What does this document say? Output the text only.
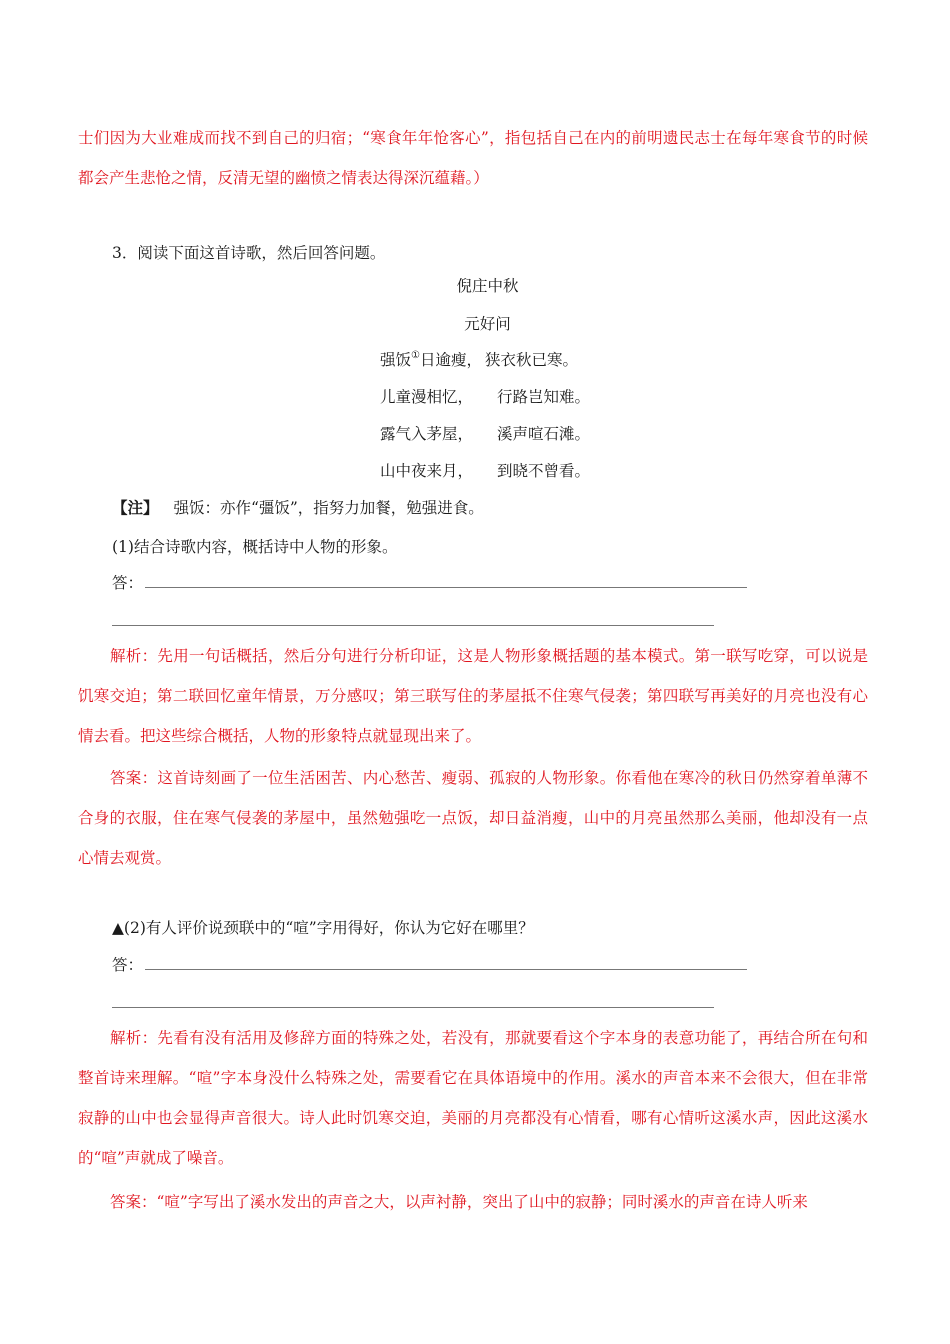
士们因为大业难成而找不到自己的归宿；“寒食年年怆客心”，指包括自己在内的前明遗民志士在每年寒食节的时候都会产生悲怆之情，反清无望的幽愤之情表达得深沉蕴藉。）
3．阅读下面这首诗歌，然后回答问题。
倪庄中秋
元好问
强饭①日逾瘦， 狭衣秋已寒。
儿童漫相忆， 行路岂知难。
露气入茅屋， 溪声喧石滩。
山中夜来月， 到晓不曾看。
【注】 强饭：亦作“彊饭”，指努力加餐，勉强进食。
(1)结合诗歌内容，概括诗中人物的形象。
答：
解析：先用一句话概括，然后分句进行分析印证，这是人物形象概括题的基本模式。第一联写吃穿，可以说是饥寒交迫；第二联回忆童年情景，万分感叹；第三联写住的茅屋抵不住寒气侵袭；第四联写再美好的月亮也没有心情去看。把这些综合概括，人物的形象特点就显现出来了。
答案：这首诗刻画了一位生活困苦、内心愁苦、瘦弱、孤寂的人物形象。你看他在寒冷的秋日仍然穿着单薄不合身的衣服，住在寒气侵袭的茅屋中，虽然勉强吃一点饭，却日益消瘦，山中的月亮虽然那么美丽，他却没有一点心情去观赏。
▲(2)有人评价说颈联中的“喧”字用得好，你认为它好在哪里？
答：
解析：先看有没有活用及修辞方面的特殊之处，若没有，那就要看这个字本身的表意功能了，再结合所在句和整首诗来理解。“喧”字本身没什么特殊之处，需要看它在具体语境中的作用。溪水的声音本来不会很大，但在非常寂静的山中也会显得声音很大。诗人此时饥寒交迫，美丽的月亮都没有心情看，哪有心情听这溪水声，因此这溪水的“喧”声就成了噪音。
答案：“喧”字写出了溪水发出的声音之大，以声衬静，突出了山中的寂静；同时溪水的声音在诗人听来
